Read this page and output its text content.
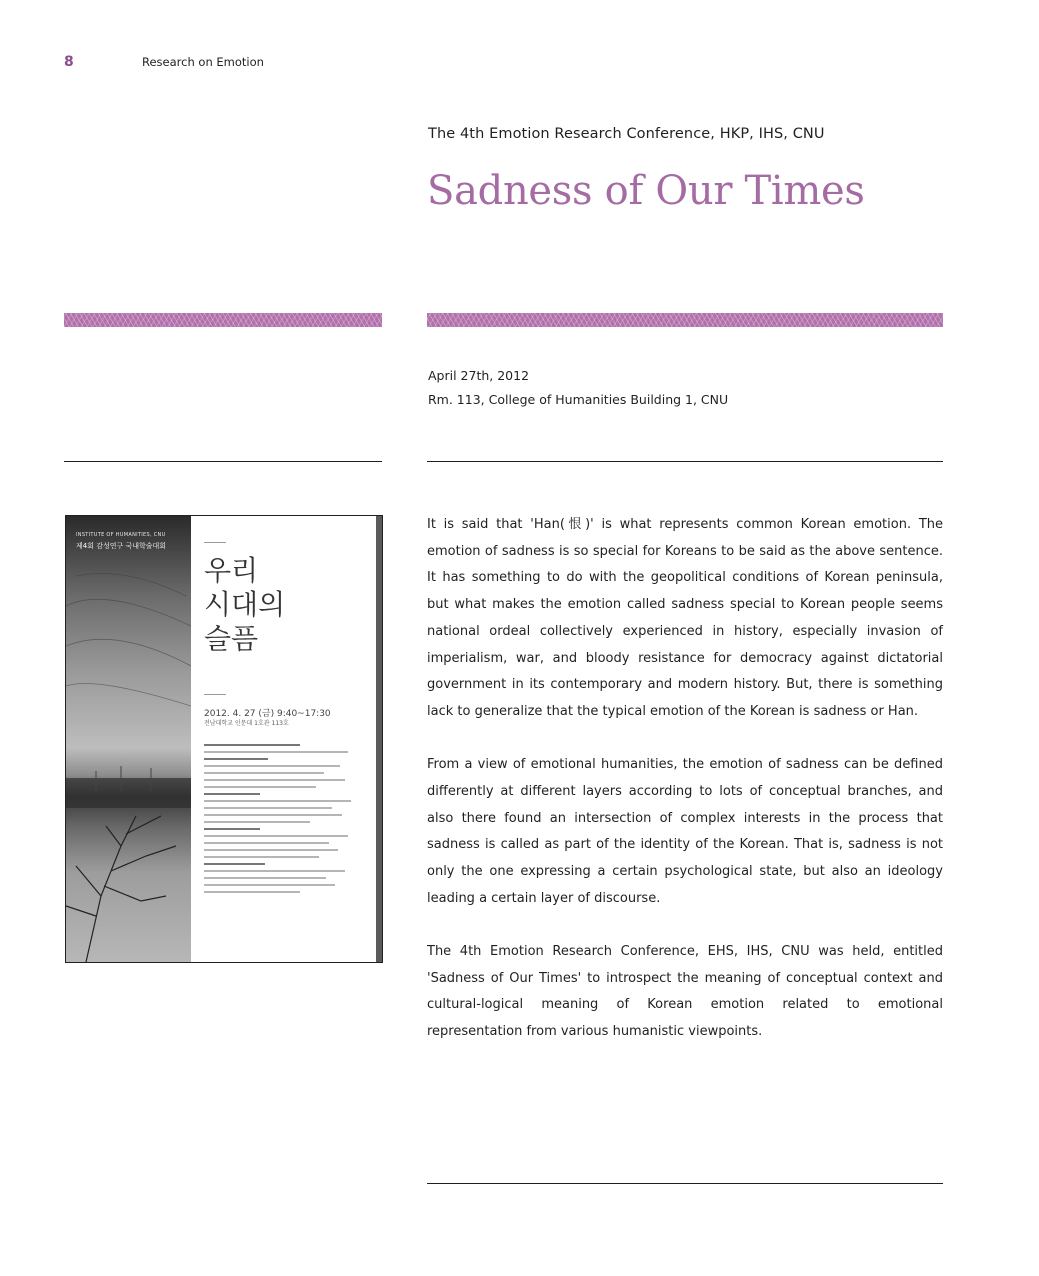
8	Research on Emotion
The 4th Emotion Research Conference, HKP, IHS, CNU
Sadness of Our Times
April 27th, 2012
Rm. 113, College of Humanities Building 1, CNU
INSTITUTE OF HUMANITIES, CNU
제4회 감성연구 국내학술대회
우리
시대의
슬픔
2012. 4. 27 (금) 9:40~17:30
전남대학교 인문대 1호관 113호

It is said that 'Han(恨)' is what represents common Korean emotion. The emotion of sadness is so special for Koreans to be said as the above sentence. It has something to do with the geopolitical conditions of Korean peninsula, but what makes the emotion called sadness special to Korean people seems national ordeal collectively experienced in history, especially invasion of imperialism, war, and bloody resistance for democracy against dictatorial government in its contemporary and modern history. But, there is something lack to generalize that the typical emotion of the Korean is sadness or Han.

From a view of emotional humanities, the emotion of sadness can be defined differently at different layers according to lots of conceptual branches, and also there found an intersection of complex interests in the process that sadness is called as part of the identity of the Korean. That is, sadness is not only the one expressing a certain psychological state, but also an ideology leading a certain layer of discourse.

The 4th Emotion Research Conference, EHS, IHS, CNU was held, entitled 'Sadness of Our Times' to introspect the meaning of conceptual context and cultural-logical meaning of Korean emotion related to emotional representation from various humanistic viewpoints.
